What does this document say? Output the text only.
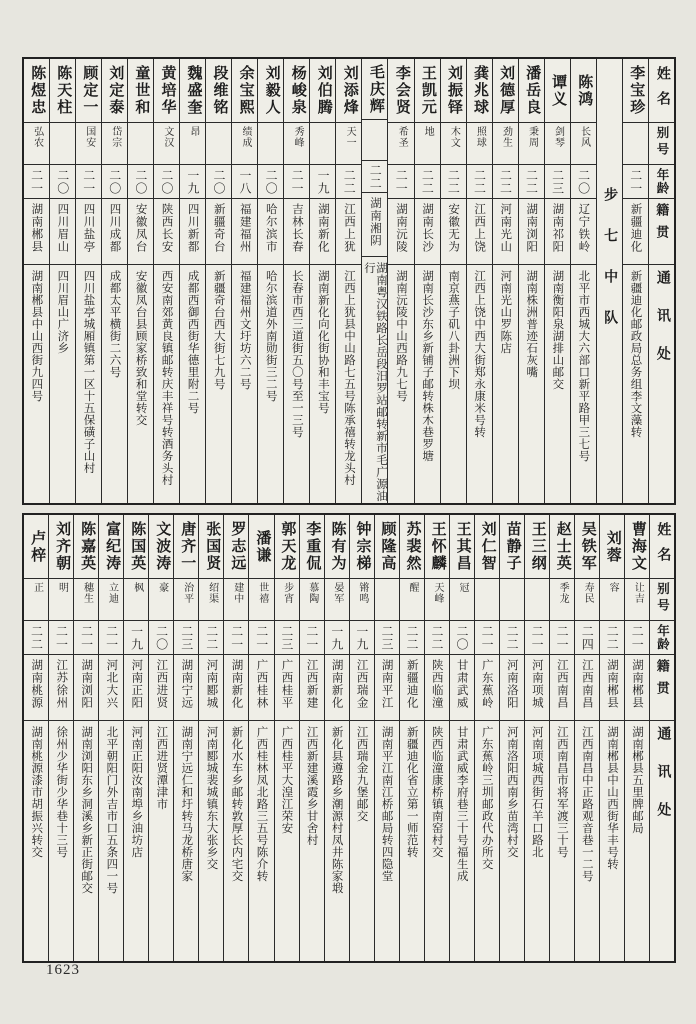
姓名
别号
年龄
籍贯
通讯处
李宝珍
二一
新疆迪化
新疆迪化邮政局总务组李文藻转
步七中队
陈鸿
长风
二〇
辽宁铁岭
北平市西城大六部口新平路甲三七号
谭义
剑琴
二三
湖南祁阳
湖南衡阳泉湖排山邮交
潘岳良
秉周
二二
湖南浏阳
湖南株洲普迹石灰嘴
刘德厚
劲生
二二
河南光山
河南光山罗陈店
龚兆球
照球
二二
江西上饶
江西上饶中西大街郑永康米号转
刘振铎
木文
二二
安徽无为
南京燕子矶八卦洲下坝
王凯元
地
二二
湖南长沙
湖南长沙东乡新铺子邮转株木巷罗塘
李会贤
希圣
二一
湖南沅陵
湖南沅陵中山西路九七号
毛庆辉
二二
湖南湘阴
湖南粤汉铁路长岳段汨罗站邮转新市毛广源油行
刘添烽
天一
二二
江西上犹
江西上犹县中山路七五号陈承禧转龙头村
刘伯腾
一九
湖南新化
湖南新化向化街协和丰宝号
杨峻泉
秀峰
二一
吉林长春
长春市西三道街五〇号至一三号
刘毅人
二〇
哈尔滨市
哈尔滨道外南勋街三二号
余宝熙
绩成
一八
福建福州
福建福州文圩坊六二号
段维铭
二〇
新疆奇台
新疆奇台西大街七九号
魏盛奎
昂
一九
四川新都
成都西御西街华德里附二号
黄培华
文汉
二〇
陕西长安
西安南郊黄良镇邮转庆丰祥号转酒务头村
童世和
二〇
安徽凤台
安徽凤台县顾家桥致和堂转交
刘定泰
岱宗
二〇
四川成都
成都太平横街二六号
顾定一
国安
二一
四川盐亭
四川盐亭城厢镇第一区十五保磺子山村
陈天柱
二〇
四川眉山
四川眉山广济乡
陈煜忠
弘农
二一
湖南郴县
湖南郴县中山西街九四号
姓名
别号
年龄
籍贯
通讯处
曹海文
让吉
二一
湖南郴县
湖南郴县五里牌邮局
刘蓉
容
二二
湖南郴县
湖南郴县中山西街华丰号转
吴铁军
寿民
二四
江西南昌
江西南昌中正路观音巷一二号
赵士英
季龙
二一
江西南昌
江西南昌市将军渡三十号
王三纲
二一
河南项城
河南项城西街石羊口路北
苗静子
二二
河南洛阳
河南洛阳西南乡苗湾村交
刘仁智
二一
广东蕉岭
广东蕉岭三圳邮政代办所交
王其昌
冠
二〇
甘肃武威
甘肃武威李府巷三十号福生成
王怀麟
天峰
二二
陕西临潼
陕西临潼康桥镇南窑村交
苏裴然
醒
二二
新疆迪化
新疆迪化省立第一师范转
顾隆高
二三
湖南平江
湖南平江南江桥邮局转四隐堂
钟宗梯
锵鸣
一九
江西瑞金
江西瑞金九堡邮交
陈有为
晏军
一九
湖南新化
新化县遵路乡潮源村凤井陈家塅
李重侃
慕陶
二一
江西新建
江西新建溪霞乡甘舍村
郭天龙
步宵
二三
广西桂平
广西桂平大湟江荣安
潘谦
世禧
二一
广西桂林
广西桂林凤北路三五号陈介转
罗志远
建中
二一
湖南新化
新化水车乡邮转敦厚长内宅交
张国贤
绍渠
二二
河南郾城
河南郾城裴城镇东大张乡交
唐齐一
治平
二三
湖南宁远
湖南宁远仁和圩转马龙桥唐家
文波涛
豪
二〇
江西进贤
江西进贤潭津市
陈国英
枫
一九
河南正阳
河南正阳汝南埠乡油坊店
富纪涛
立迪
二一
河北大兴
北平朝阳门外吉市口五条四一号
陈嘉英
穗生
二一
湖南浏阳
湖南浏阳东乡洞溪乡新正街邮交
刘齐朝
明
二一
江苏徐州
徐州少华街少华巷十三号
卢梓
正
二二
湖南桃源
湖南桃源漆市胡振兴转交
1623
